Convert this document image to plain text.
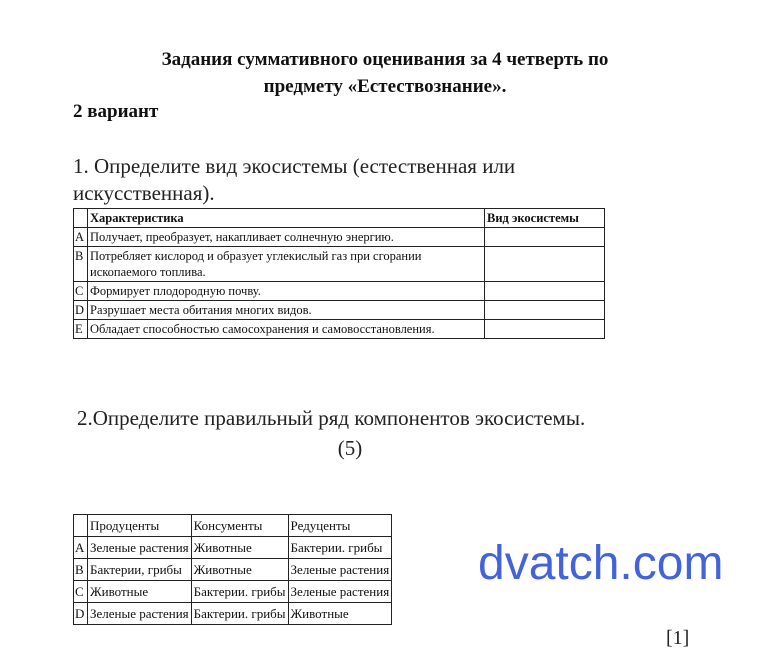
Задания суммативного оценивания за 4 четверть по
предмету «Естествознание».
2 вариант
1. Определите вид экосистемы (естественная или
искусственная).
	Характеристика	Вид экосистемы
A	Получает, преобразует, накапливает солнечную энергию.	
B	Потребляет кислород и образует углекислый газ при сгорании ископаемого топлива.	
C	Формирует плодородную почву.	
D	Разрушает места обитания многих видов.	
E	Обладает способностью самосохранения и самовосстановления.	
2.Определите правильный ряд компонентов экосистемы.
(5)
	Продуценты	Консументы	Редуценты
A	Зеленые растения	Животные	Бактерии. грибы
B	Бактерии, грибы	Животные	Зеленые растения
C	Животные	Бактерии. грибы	Зеленые растения
D	Зеленые растения	Бактерии. грибы	Животные
dvatch.com
[1]
